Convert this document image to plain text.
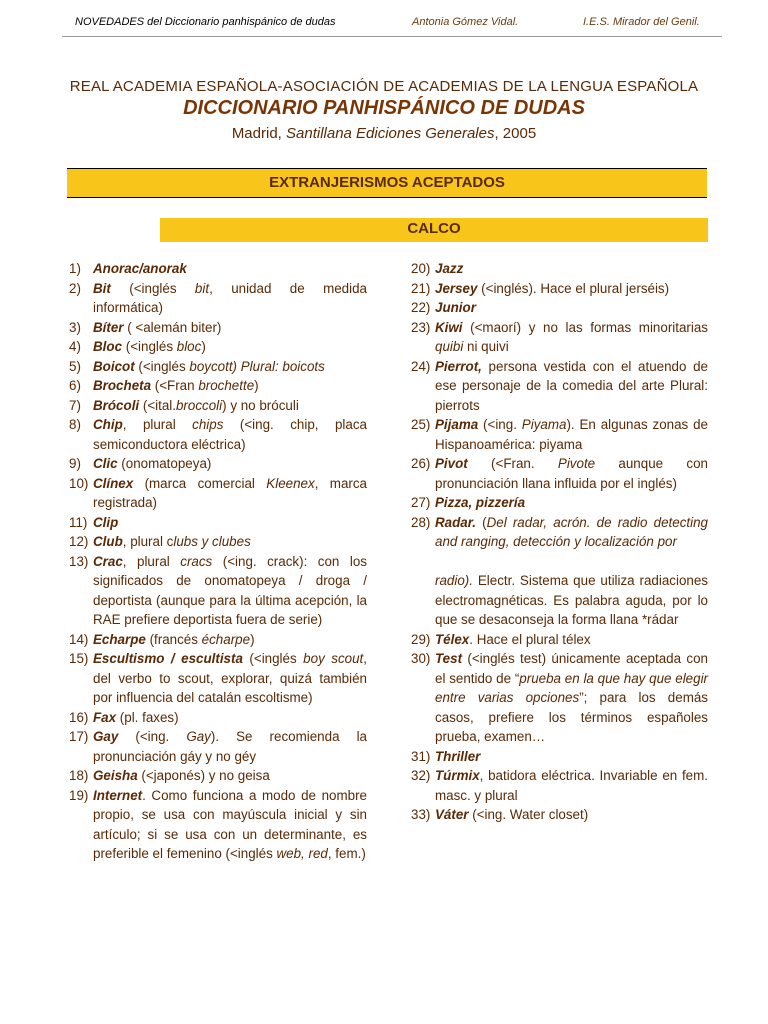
NOVEDADES del Diccionario panhispánico de dudas	Antonia Gómez Vidal.	I.E.S. Mirador del Genil.
REAL ACADEMIA ESPAÑOLA-ASOCIACIÓN DE ACADEMIAS DE LA LENGUA ESPAÑOLA
DICCIONARIO PANHISPÁNICO DE DUDAS
Madrid, Santillana Ediciones Generales, 2005
EXTRANJERISMOS ACEPTADOS
CALCO
1) Anorac/anorak
2) Bit (<inglés bit, unidad de medida informática)
3) Bíter ( <alemán biter)
4) Bloc (<inglés bloc)
5) Boicot (<inglés boycott) Plural: boicots
6) Brocheta (<Fran brochette)
7) Brócoli (<ital.broccoli) y no bróculi
8) Chip, plural chips (<ing. chip, placa semiconductora eléctrica)
9) Clic (onomatopeya)
10) Clínex (marca comercial Kleenex, marca registrada)
11) Clip
12) Club, plural clubs y clubes
13) Crac, plural cracs (<ing. crack): con los significados de onomatopeya / droga / deportista (aunque para la última acepción, la RAE prefiere deportista fuera de serie)
14) Echarpe (francés écharpe)
15) Escultismo / escultista (<inglés boy scout, del verbo to scout, explorar, quizá también por influencia del catalán escoltisme)
16) Fax (pl. faxes)
17) Gay (<ing. Gay). Se recomienda la pronunciación gáy y no géy
18) Geisha (<japonés) y no geisa
19) Internet. Como funciona a modo de nombre propio, se usa con mayúscula inicial y sin artículo; si se usa con un determinante, es preferible el femenino (<inglés web, red, fem.)
20) Jazz
21) Jersey (<inglés). Hace el plural jerséis)
22) Junior
23) Kiwi (<maorí) y no las formas minoritarias quibi ni quivi
24) Pierrot, persona vestida con el atuendo de ese personaje de la comedia del arte Plural: pierrots
25) Pijama (<ing. Piyama). En algunas zonas de Hispanoamérica: piyama
26) Pivot (<Fran. Pivote aunque con pronunciación llana influida por el inglés)
27) Pizza, pizzería
28) Radar. (Del radar, acrón. de radio detecting and ranging, detección y localización por
radio). Electr. Sistema que utiliza radiaciones electromagnéticas. Es palabra aguda, por lo que se desaconseja la forma llana *rádar
29) Télex. Hace el plural télex
30) Test (<inglés test) únicamente aceptada con el sentido de “prueba en la que hay que elegir entre varias opciones”; para los demás casos, prefiere los términos españoles prueba, examen…
31) Thriller
32) Túrmix, batidora eléctrica. Invariable en fem. masc. y plural
33) Váter (<ing. Water closet)
